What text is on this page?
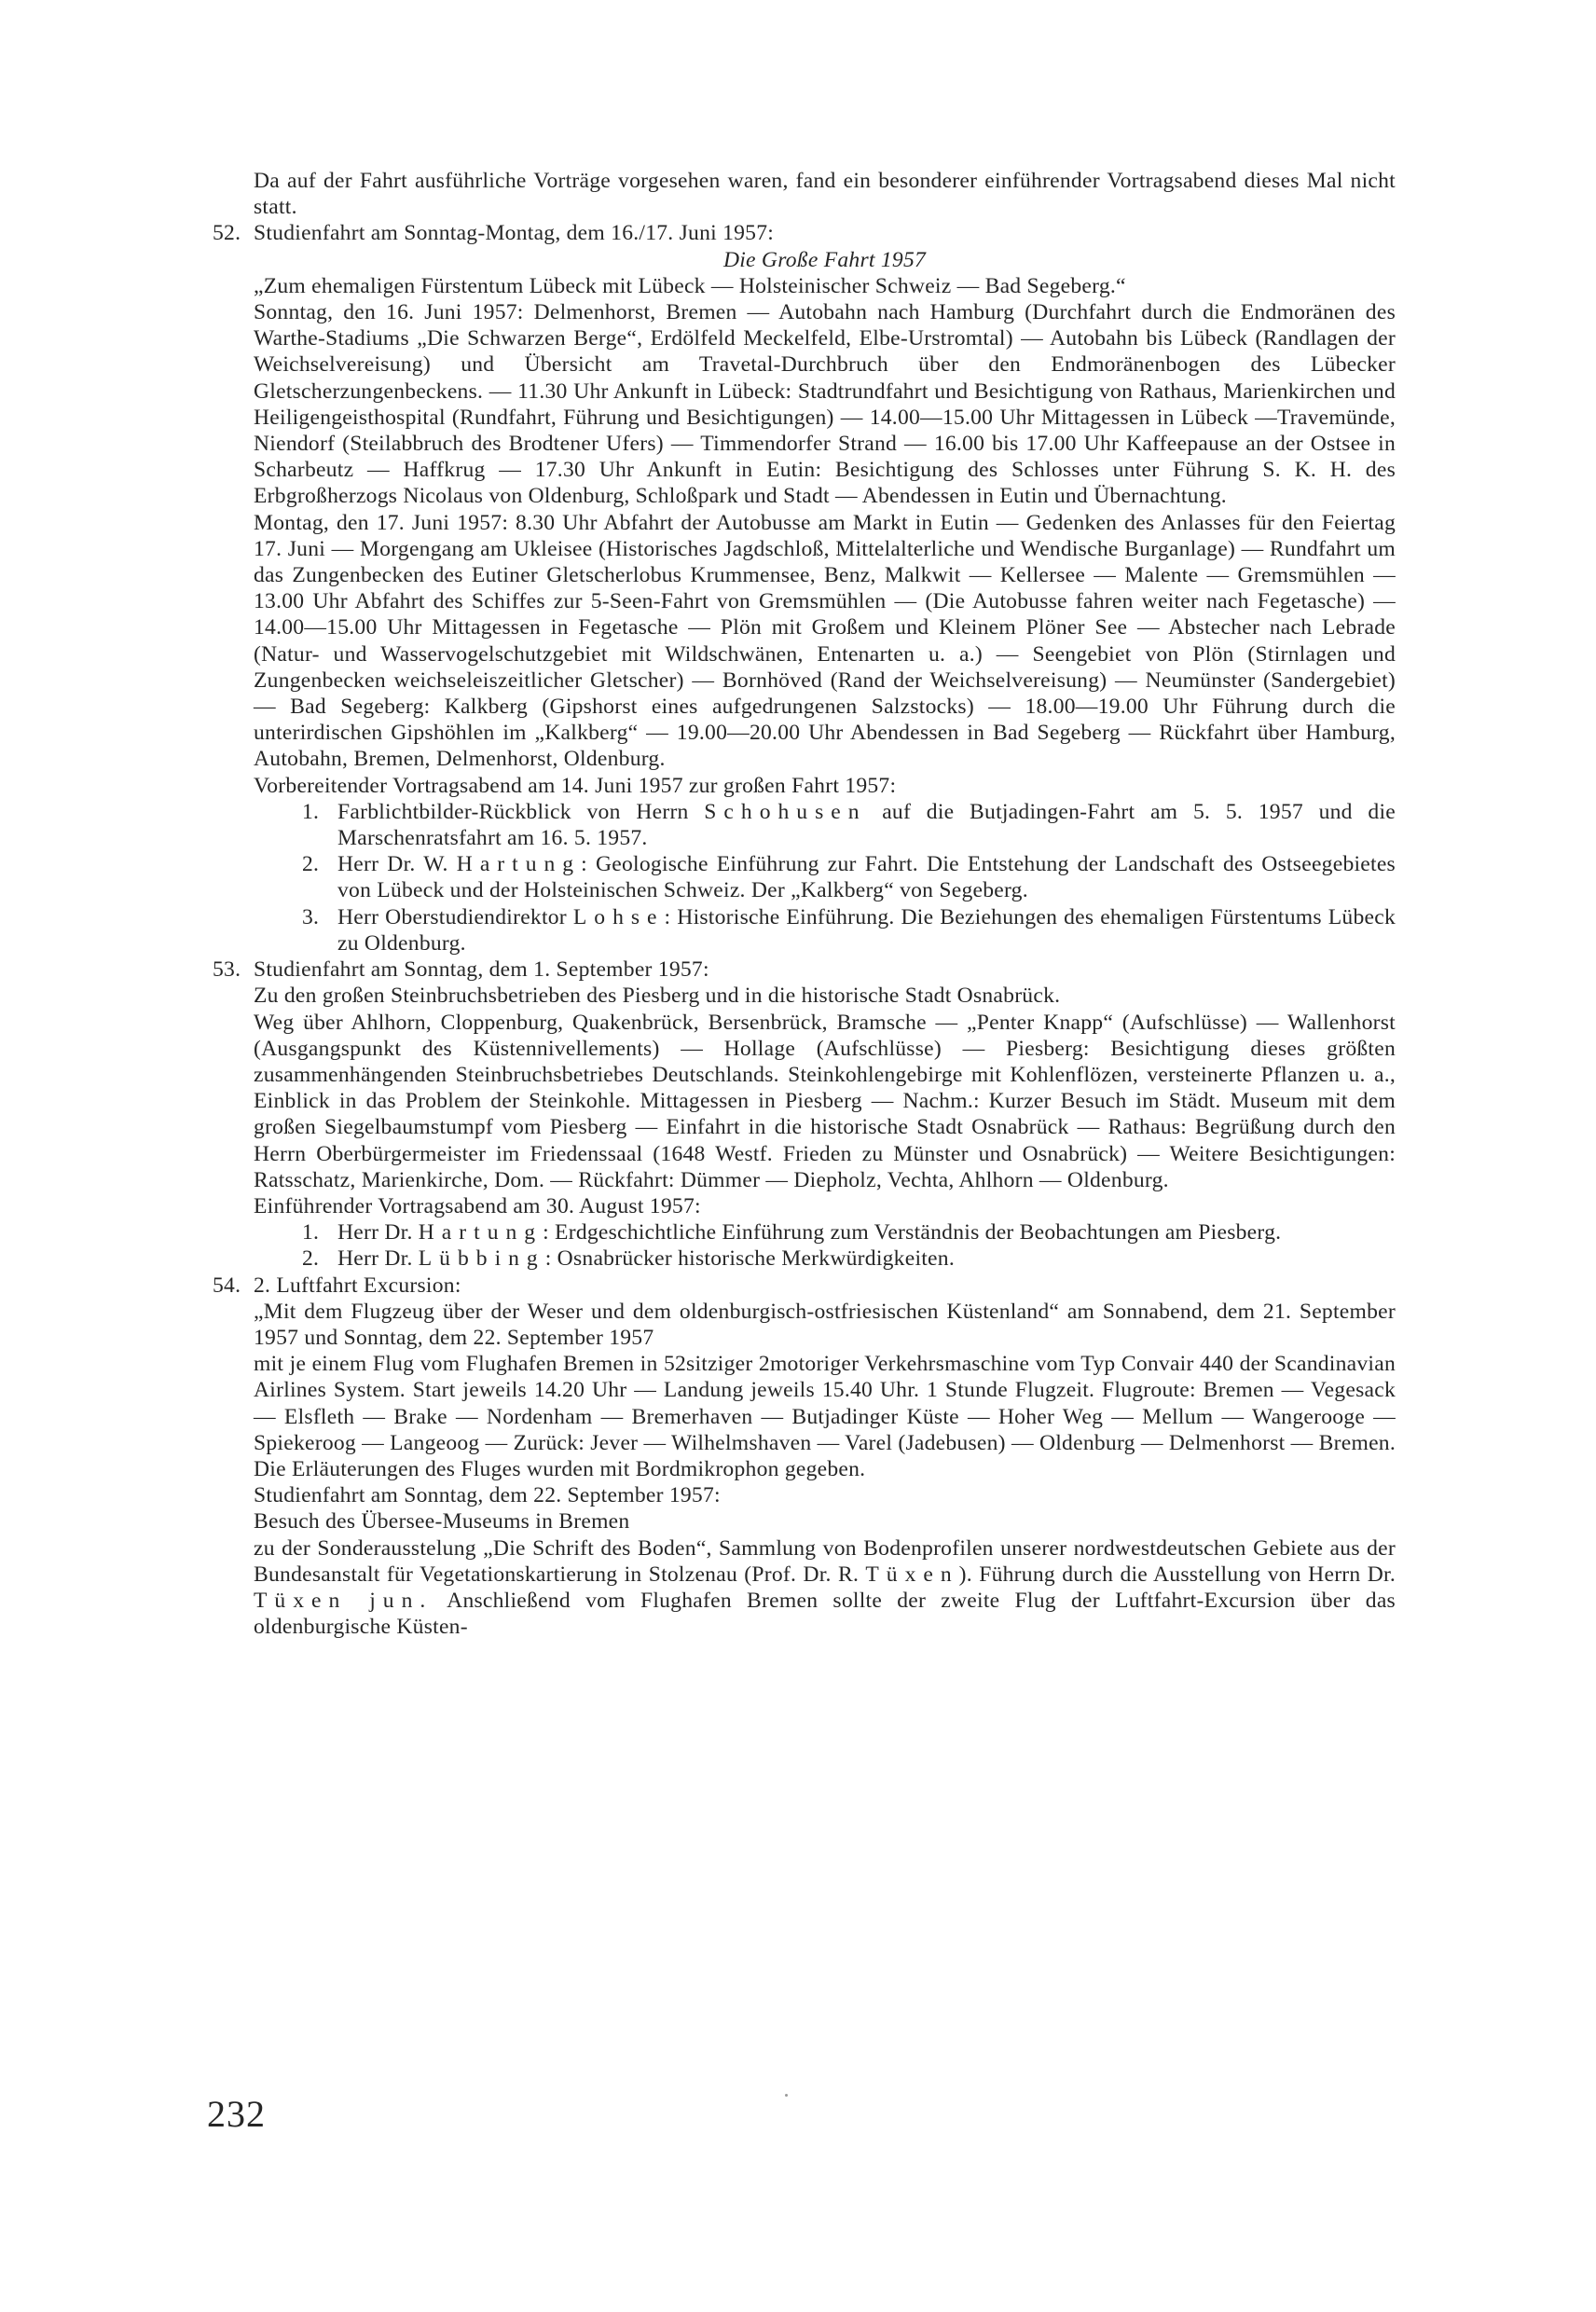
Da auf der Fahrt ausführliche Vorträge vorgesehen waren, fand ein besonderer einführender Vortragsabend dieses Mal nicht statt.

52. Studienfahrt am Sonntag-Montag, dem 16./17. Juni 1957:

Die Große Fahrt 1957

„Zum ehemaligen Fürstentum Lübeck mit Lübeck — Holsteinischer Schweiz — Bad Segeberg.“

Sonntag, den 16. Juni 1957: Delmenhorst, Bremen — Autobahn nach Hamburg (Durchfahrt durch die Endmoränen des Warthe-Stadiums „Die Schwarzen Berge“, Erdölfeld Meckelfeld, Elbe-Urstromtal) — Autobahn bis Lübeck (Randlagen der Weichselvereisung) und Übersicht am Travetal-Durchbruch über den Endmoränenbogen des Lübecker Gletscherzungenbeckens. — 11.30 Uhr Ankunft in Lübeck: Stadtrundfahrt und Besichtigung von Rathaus, Marienkirchen und Heiligengeisthospital (Rundfahrt, Führung und Besichtigungen) — 14.00—15.00 Uhr Mittagessen in Lübeck —Travemünde, Niendorf (Steilabbruch des Brodtener Ufers) — Timmendorfer Strand — 16.00 bis 17.00 Uhr Kaffeepause an der Ostsee in Scharbeutz — Haffkrug — 17.30 Uhr Ankunft in Eutin: Besichtigung des Schlosses unter Führung S. K. H. des Erbgroßherzogs Nicolaus von Oldenburg, Schloßpark und Stadt — Abendessen in Eutin und Übernachtung.

Montag, den 17. Juni 1957: 8.30 Uhr Abfahrt der Autobusse am Markt in Eutin — Gedenken des Anlasses für den Feiertag 17. Juni — Morgengang am Ukleisee (Historisches Jagdschloß, Mittelalterliche und Wendische Burganlage) — Rundfahrt um das Zungenbecken des Eutiner Gletscherlobus Krummensee, Benz, Malkwit — Kellersee — Malente — Gremsmühlen — 13.00 Uhr Abfahrt des Schiffes zur 5-Seen-Fahrt von Gremsmühlen — (Die Autobusse fahren weiter nach Fegetasche) — 14.00—15.00 Uhr Mittagessen in Fegetasche — Plön mit Großem und Kleinem Plöner See — Abstecher nach Lebrade (Natur- und Wasservogelschutzgebiet mit Wildschwänen, Entenarten u. a.) — Seengebiet von Plön (Stirnlagen und Zungenbecken weichseleiszeitlicher Gletscher) — Bornhöved (Rand der Weichselvereisung) — Neumünster (Sandergebiet) — Bad Segeberg: Kalkberg (Gipshorst eines aufgedrungenen Salzstocks) — 18.00—19.00 Uhr Führung durch die unterirdischen Gipshöhlen im „Kalkberg“ — 19.00—20.00 Uhr Abendessen in Bad Segeberg — Rückfahrt über Hamburg, Autobahn, Bremen, Delmenhorst, Oldenburg.

Vorbereitender Vortragsabend am 14. Juni 1957 zur großen Fahrt 1957:

1. Farblichtbilder-Rückblick von Herrn Schohusen auf die Butjadingen-Fahrt am 5. 5. 1957 und die Marschenratsfahrt am 16. 5. 1957.
2. Herr Dr. W. Hartung: Geologische Einführung zur Fahrt. Die Entstehung der Landschaft des Ostseegebietes von Lübeck und der Holsteinischen Schweiz. Der „Kalkberg“ von Segeberg.
3. Herr Oberstudiendirektor Lohse: Historische Einführung. Die Beziehungen des ehemaligen Fürstentums Lübeck zu Oldenburg.
53. Studienfahrt am Sonntag, dem 1. September 1957:

Zu den großen Steinbruchsbetrieben des Piesberg und in die historische Stadt Osnabrück.

Weg über Ahlhorn, Cloppenburg, Quakenbrück, Bersenbrück, Bramsche — „Penter Knapp“ (Aufschlüsse) — Wallenhorst (Ausgangspunkt des Küstennivellements) — Hollage (Aufschlüsse) — Piesberg: Besichtigung dieses größten zusammenhängenden Steinbruchsbetriebes Deutschlands. Steinkohlengebirge mit Kohlenflözen, versteinerte Pflanzen u. a., Einblick in das Problem der Steinkohle. Mittagessen in Piesberg — Nachm.: Kurzer Besuch im Städt. Museum mit dem großen Siegelbaumstumpf vom Piesberg — Einfahrt in die historische Stadt Osnabrück — Rathaus: Begrüßung durch den Herrn Oberbürgermeister im Friedenssaal (1648 Westf. Frieden zu Münster und Osnabrück) — Weitere Besichtigungen: Ratsschatz, Marienkirche, Dom. — Rückfahrt: Dümmer — Diepholz, Vechta, Ahlhorn — Oldenburg.

Einführender Vortragsabend am 30. August 1957:

1. Herr Dr. Hartung: Erdgeschichtliche Einführung zum Verständnis der Beobachtungen am Piesberg.
2. Herr Dr. Lübbing: Osnabrücker historische Merkwürdigkeiten.
54. 2. Luftfahrt Excursion:

„Mit dem Flugzeug über der Weser und dem oldenburgisch-ostfriesischen Küstenland“ am Sonnabend, dem 21. September 1957 und Sonntag, dem 22. September 1957

mit je einem Flug vom Flughafen Bremen in 52sitziger 2motoriger Verkehrsmaschine vom Typ Convair 440 der Scandinavian Airlines System. Start jeweils 14.20 Uhr — Landung jeweils 15.40 Uhr. 1 Stunde Flugzeit. Flugroute: Bremen — Vegesack — Elsfleth — Brake — Nordenham — Bremerhaven — Butjadinger Küste — Hoher Weg — Mellum — Wangerooge — Spiekeroog — Langeoog — Zurück: Jever — Wilhelmshaven — Varel (Jadebusen) — Oldenburg — Delmenhorst — Bremen. Die Erläuterungen des Fluges wurden mit Bordmikrophon gegeben.

Studienfahrt am Sonntag, dem 22. September 1957:

Besuch des Übersee-Museums in Bremen

zu der Sonderausstelung „Die Schrift des Boden“, Sammlung von Bodenprofilen unserer nordwestdeutschen Gebiete aus der Bundesanstalt für Vegetationskartierung in Stolzenau (Prof. Dr. R. Tüxen). Führung durch die Ausstellung von Herrn Dr. Tüxen jun. Anschließend vom Flughafen Bremen sollte der zweite Flug der Luftfahrt-Excursion über das oldenburgische Küsten-

232
